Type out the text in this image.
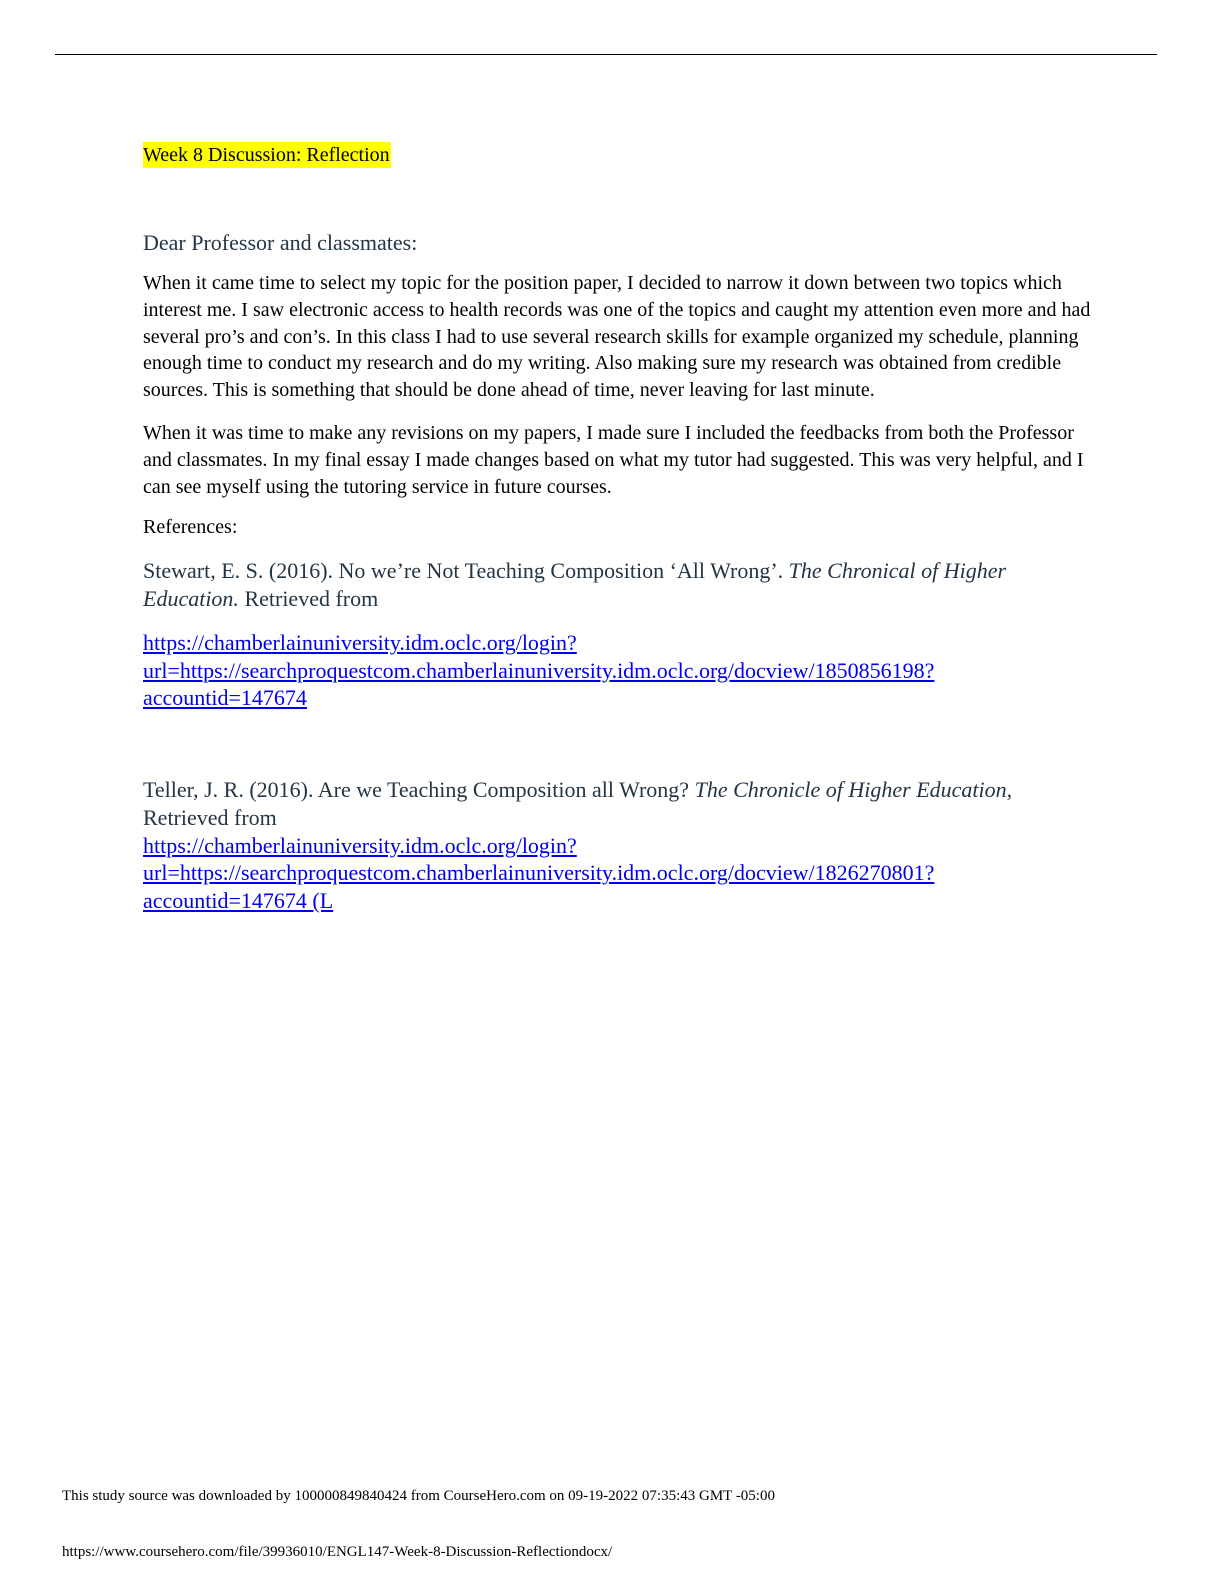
Week 8 Discussion: Reflection
Dear Professor and classmates:

When it came time to select my topic for the position paper, I decided to narrow it down between two topics which interest me. I saw electronic access to health records was one of the topics and caught my attention even more and had several pro’s and con’s. In this class I had to use several research skills for example organized my schedule, planning enough time to conduct my research and do my writing. Also making sure my research was obtained from credible sources. This is something that should be done ahead of time, never leaving for last minute.

When it was time to make any revisions on my papers, I made sure I included the feedbacks from both the Professor and classmates. In my final essay I made changes based on what my tutor had suggested. This was very helpful, and I can see myself using the tutoring service in future courses.

References:
Stewart, E. S. (2016). No we’re Not Teaching Composition ‘All Wrong’. The Chronical of Higher Education. Retrieved from
https://chamberlainuniversity.idm.oclc.org/login?
url=https://searchproquestcom.chamberlainuniversity.idm.oclc.org/docview/1850856198?
accountid=147674
Teller, J. R. (2016). Are we Teaching Composition all Wrong? The Chronicle of Higher Education, Retrieved from
https://chamberlainuniversity.idm.oclc.org/login?
url=https://searchproquestcom.chamberlainuniversity.idm.oclc.org/docview/1826270801?
accountid=147674 (L
This study source was downloaded by 100000849840424 from CourseHero.com on 09-19-2022 07:35:43 GMT -05:00
https://www.coursehero.com/file/39936010/ENGL147-Week-8-Discussion-Reflectiondocx/
